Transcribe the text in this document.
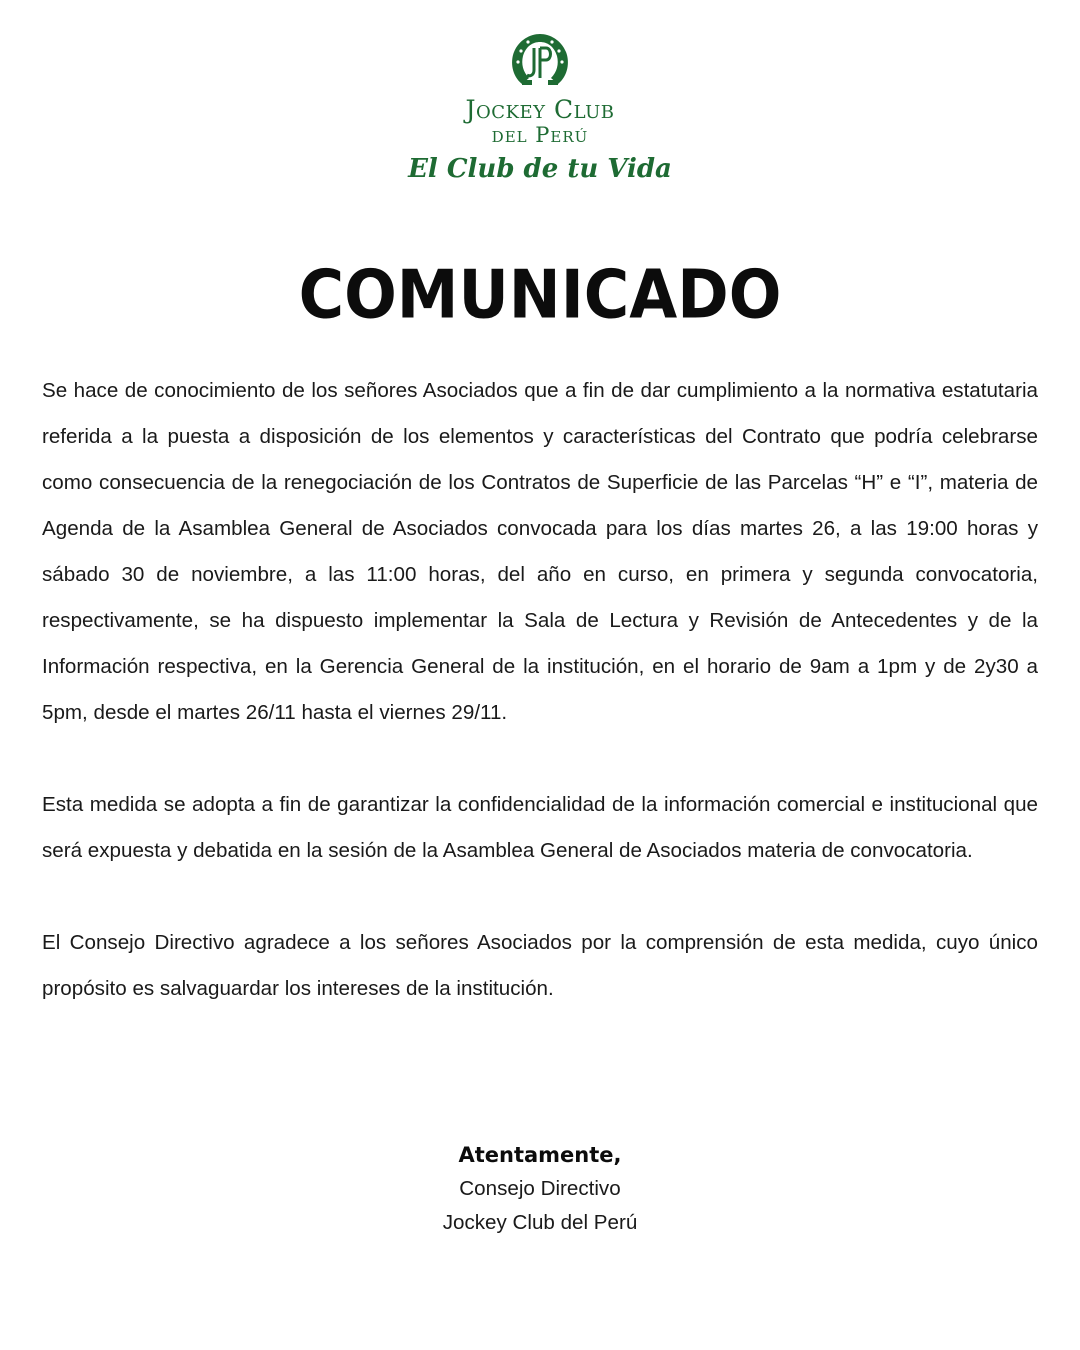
Jockey Club
del Perú
El Club de tu Vida
COMUNICADO

Se hace de conocimiento de los señores Asociados que a fin de dar cumplimiento a la normativa estatutaria referida a la puesta a disposición de los elementos y características del Contrato que podría celebrarse como consecuencia de la renegociación de los Contratos de Superficie de las Parcelas “H” e “I”, materia de Agenda de la Asamblea General de Asociados convocada para los días martes 26, a las 19:00 horas y sábado 30 de noviembre, a las 11:00 horas, del año en curso, en primera y segunda convocatoria, respectivamente, se ha dispuesto implementar la Sala de Lectura y Revisión de Antecedentes y de la Información respectiva, en la Gerencia General de la institución, en el horario de 9am a 1pm y de 2y30 a 5pm, desde el martes 26/11 hasta el viernes 29/11.

Esta medida se adopta a fin de garantizar la confidencialidad de la información comercial e institucional que será expuesta y debatida en la sesión de la Asamblea General de Asociados materia de convocatoria.

El Consejo Directivo agradece a los señores Asociados por la comprensión de esta medida, cuyo único propósito es salvaguardar los intereses de la institución.

Atentamente,
Consejo Directivo
Jockey Club del Perú
